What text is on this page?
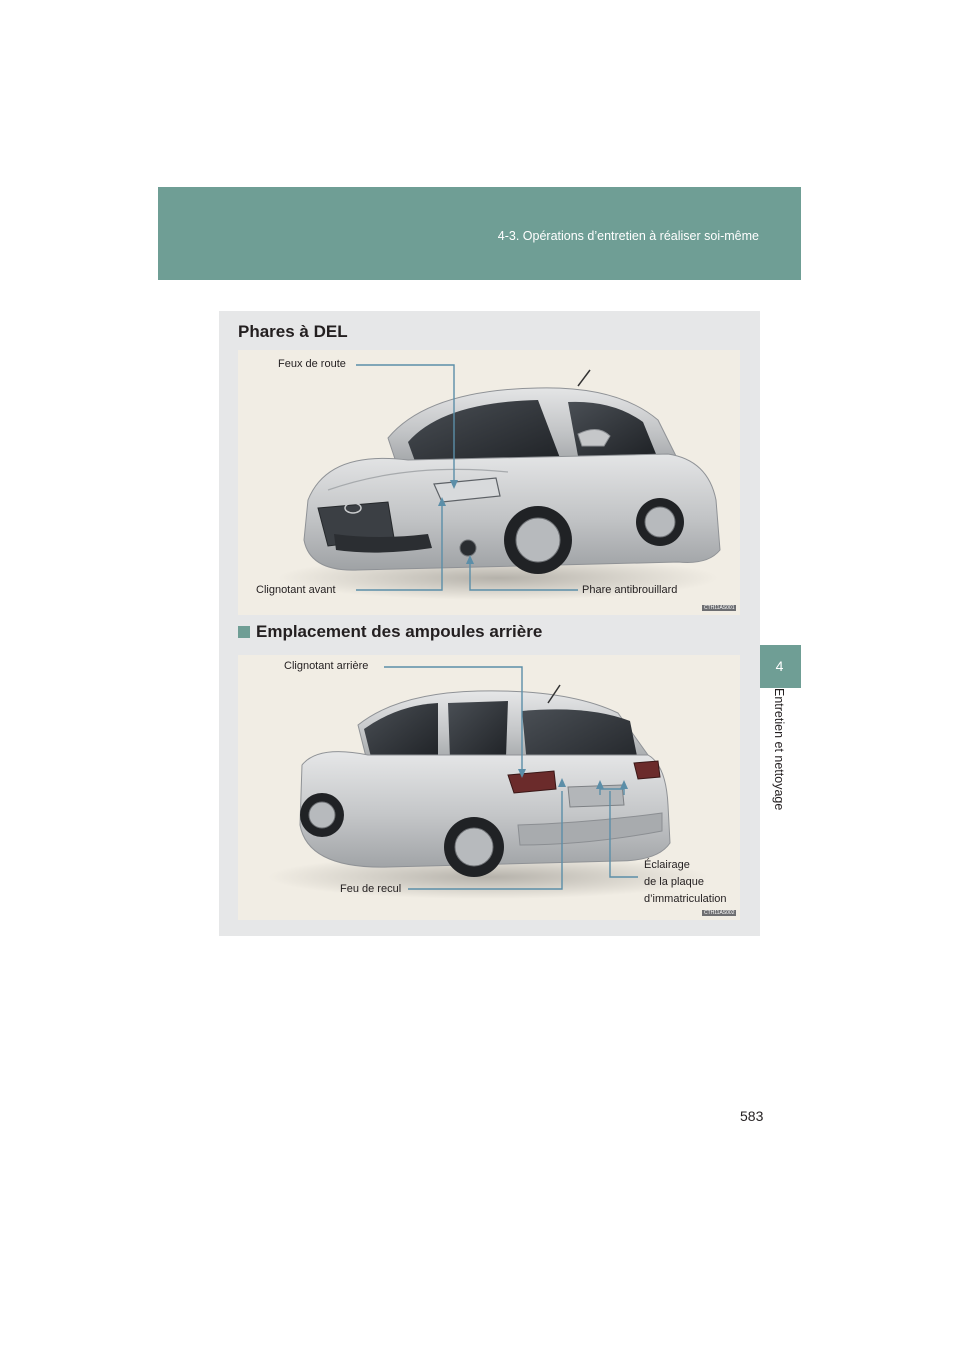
4-3. Opérations d’entretien à réaliser soi-même
4
Entretien et nettoyage
Phares à DEL
Feux de route
Clignotant avant	Phare antibrouillard
CTH11AS001
Emplacement des ampoules arrière
Clignotant arrière
Feu de recul
Éclairage
de la plaque
d’immatriculation
CTH11AS002
583
